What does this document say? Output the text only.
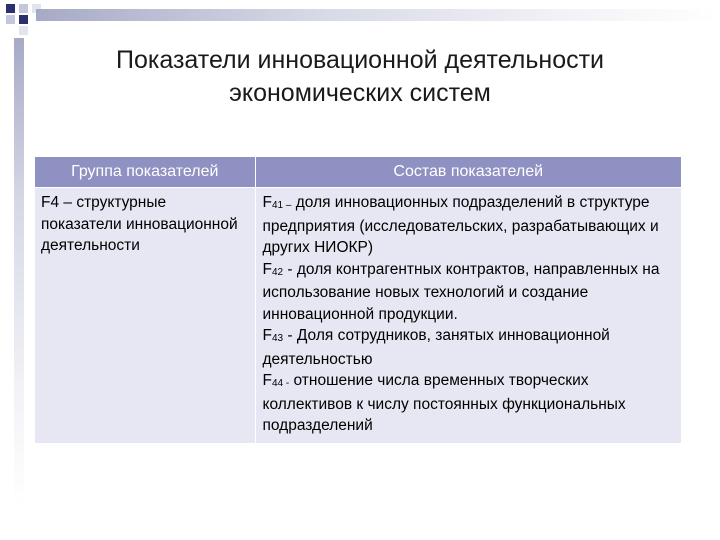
Показатели инновационной деятельности
экономических систем
Группа показателей	Состав показателей
F4 – структурные показатели инновационной деятельности	$F_{41 -}$ доля инновационных подразделений в структуре предприятия (исследовательских, разрабатывающих и других НИОКР)
$F_{42}$ - доля контрагентных контрактов, направленных на использование новых технологий и создание инновационной продукции.
$F_{43}$ - Доля сотрудников, занятых инновационной деятельностью
$F_{44 -}$ отношение числа временных творческих коллективов к числу постоянных функциональных подразделений
